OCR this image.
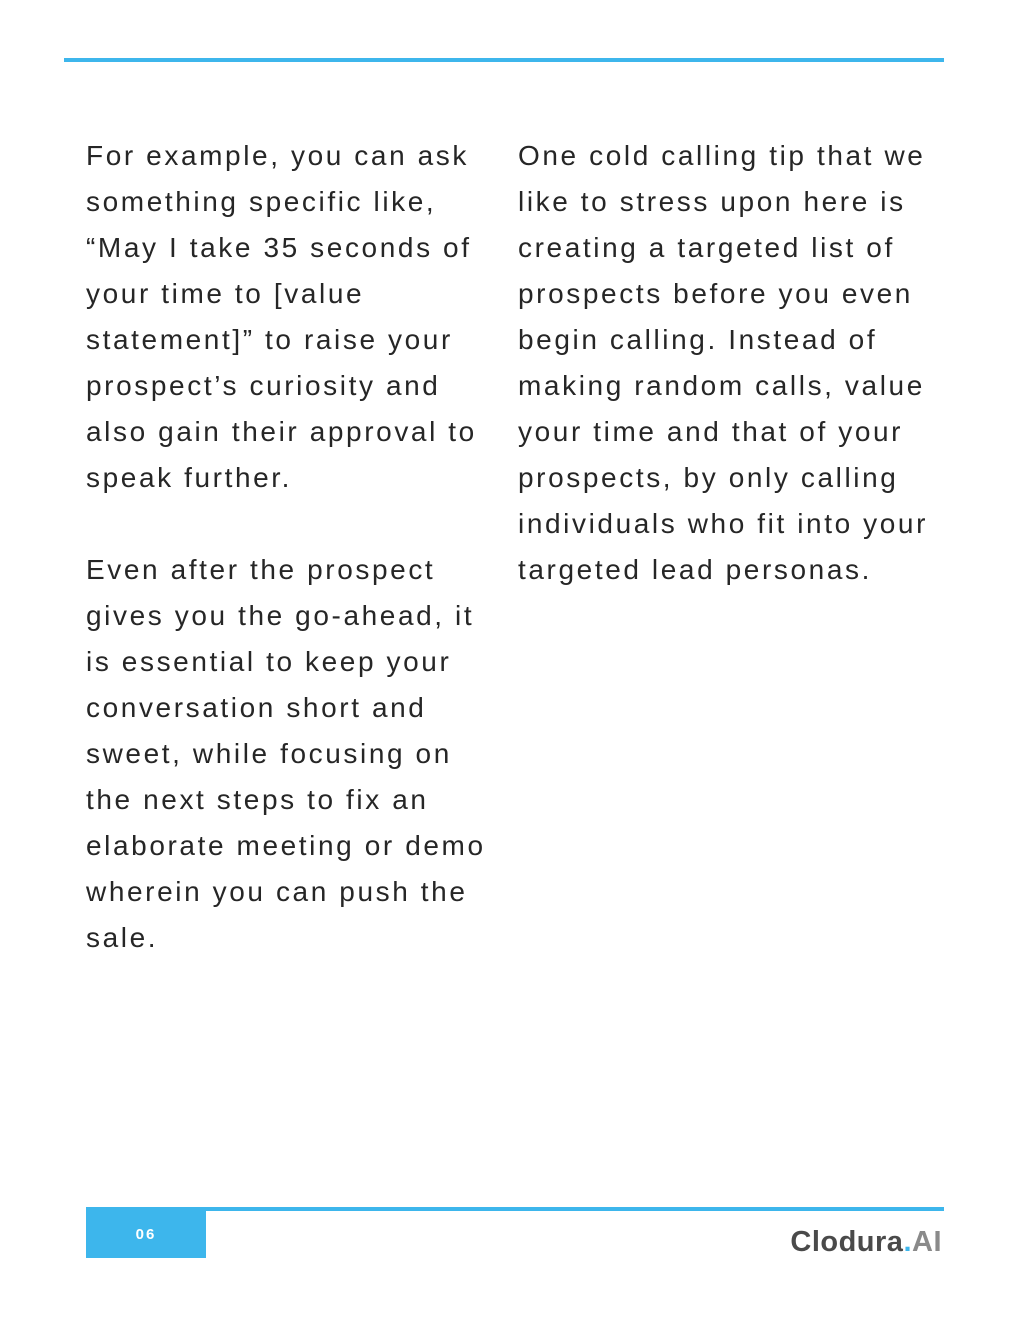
For example, you can ask something specific like, “May I take 35 seconds of your time to [value statement]” to raise your prospect’s curiosity and also gain their approval to speak further.

Even after the prospect gives you the go-ahead, it is essential to keep your conversation short and sweet, while focusing on the next steps to fix an elaborate meeting or demo wherein you can push the sale.

One cold calling tip that we like to stress upon here is creating a targeted list of prospects before you even begin calling. Instead of making random calls, value your time and that of your prospects, by only calling individuals who fit into your targeted lead personas.

06	Clodura.AI
